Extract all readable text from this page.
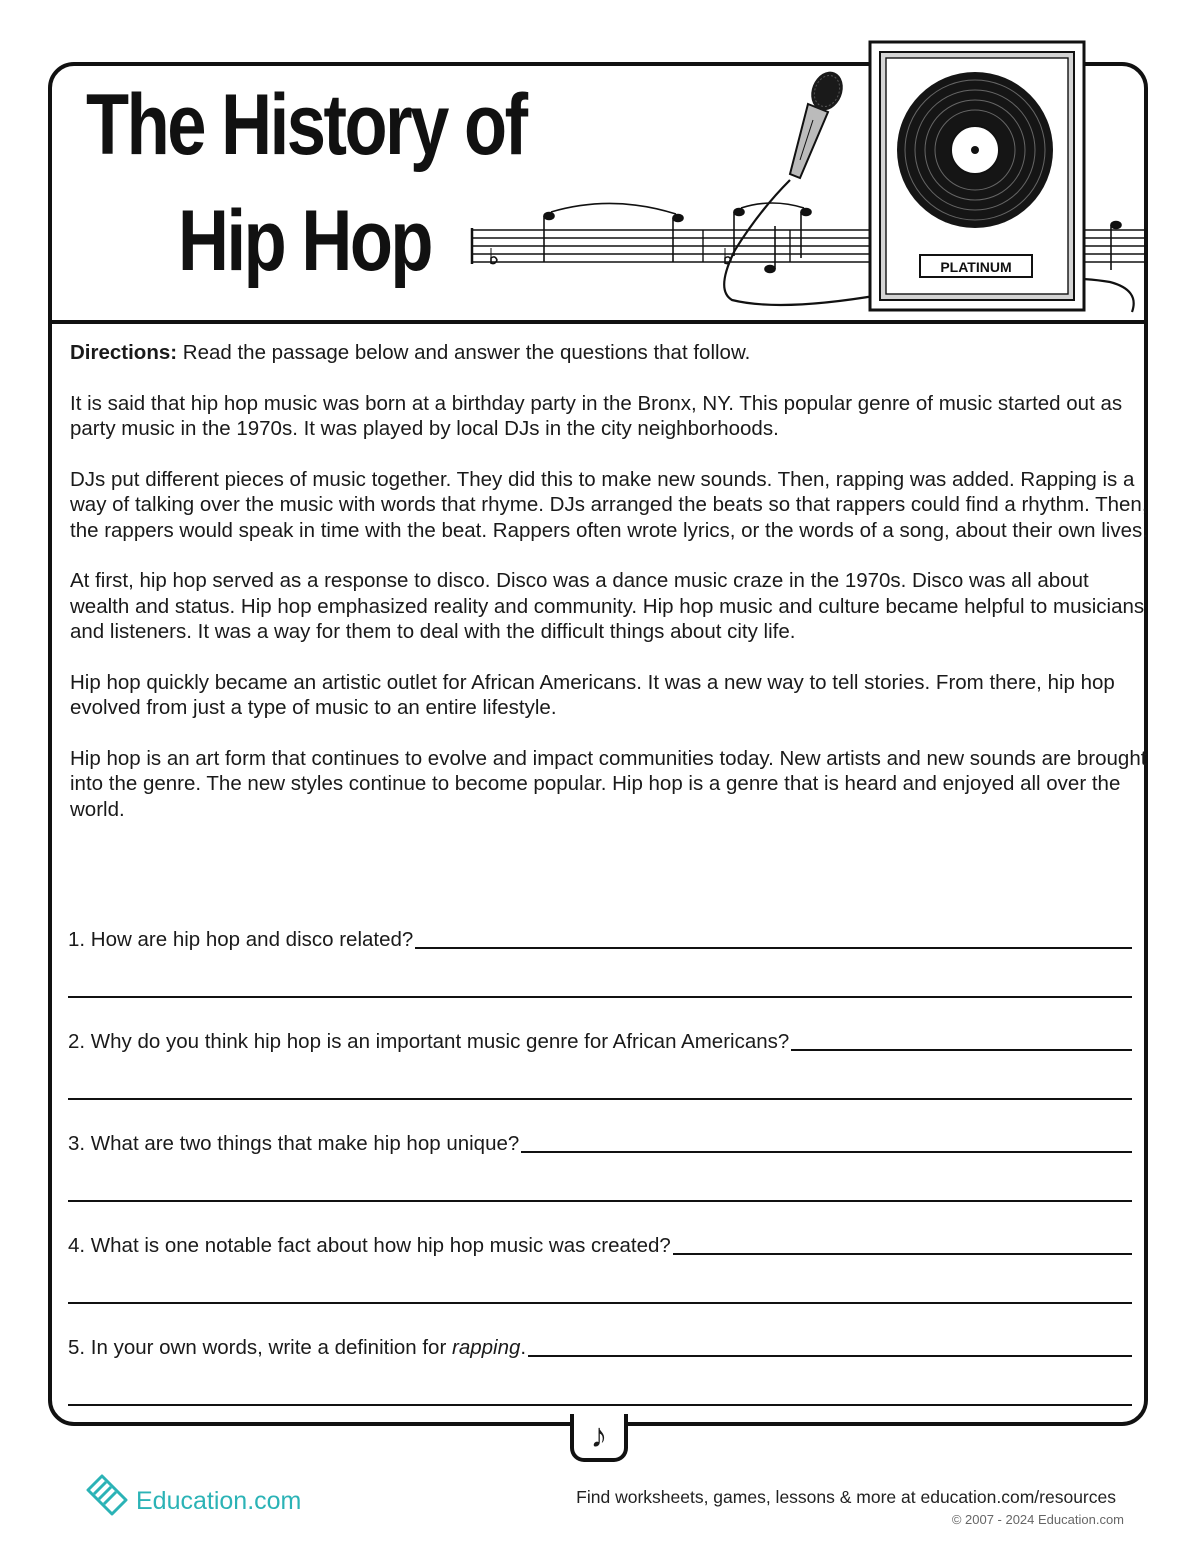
The History of
Hip Hop	PLATINUM

Directions: Read the passage below and answer the questions that follow.

It is said that hip hop music was born at a birthday party in the Bronx, NY. This popular genre of music started out as party music in the 1970s. It was played by local DJs in the city neighborhoods.

DJs put different pieces of music together. They did this to make new sounds. Then, rapping was added. Rapping is a way of talking over the music with words that rhyme. DJs arranged the beats so that rappers could find a rhythm. Then, the rappers would speak in time with the beat. Rappers often wrote lyrics, or the words of a song, about their own lives.

At first, hip hop served as a response to disco. Disco was a dance music craze in the 1970s. Disco was all about wealth and status. Hip hop emphasized reality and community. Hip hop music and culture became helpful to musicians and listeners. It was a way for them to deal with the difficult things about city life.

Hip hop quickly became an artistic outlet for African Americans. It was a new way to tell stories. From there, hip hop evolved from just a type of music to an entire lifestyle.

Hip hop is an art form that continues to evolve and impact communities today. New artists and new sounds are brought into the genre. The new styles continue to become popular. Hip hop is a genre that is heard and enjoyed all over the world.

1. How are hip hop and disco related?
2. Why do you think hip hop is an important music genre for African Americans?
3. What are two things that make hip hop unique?
4. What is one notable fact about how hip hop music was created?
5. In your own words, write a definition for rapping.
♪
Education.com	Find worksheets, games, lessons & more at education.com/resources
© 2007 - 2024 Education.com
